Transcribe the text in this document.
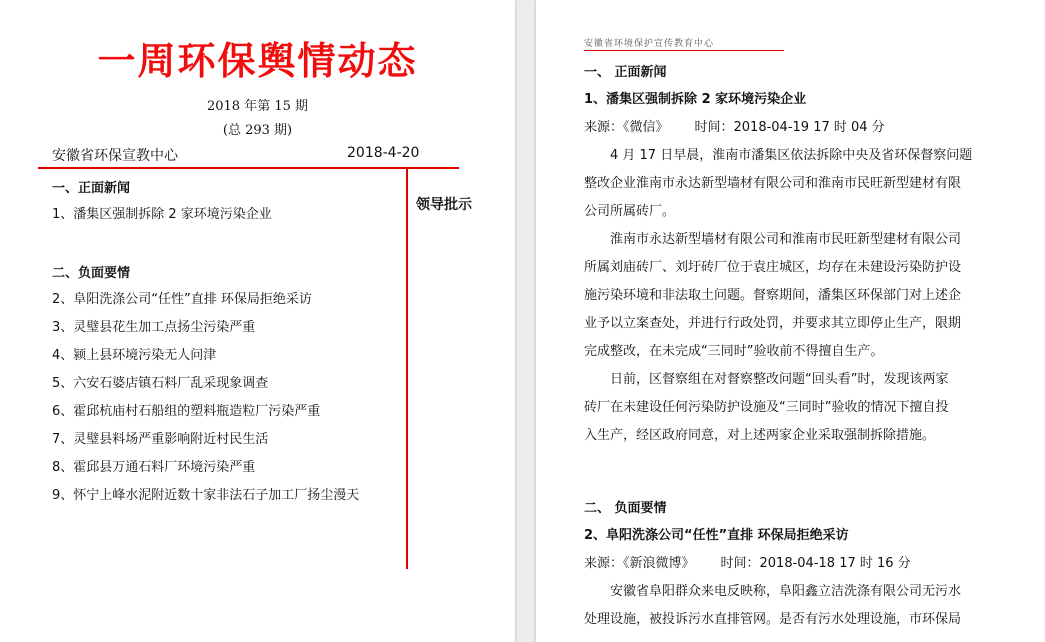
一周环保舆情动态
2018 年第 15 期
(总 293 期)
安徽省环保宣教中心	2018-4-20
领导批示
一、正面新闻
1、潘集区强制拆除 2 家环境污染企业
二、负面要情
2、阜阳洗涤公司“任性”直排 环保局拒绝采访
3、灵璧县花生加工点扬尘污染严重
4、颍上县环境污染无人问津
5、六安石婆店镇石料厂乱采现象调查
6、霍邱杭庙村石船组的塑料瓶造粒厂污染严重
7、灵璧县料场严重影响附近村民生活
8、霍邱县万通石料厂环境污染严重
9、怀宁上峰水泥附近数十家非法石子加工厂扬尘漫天
安徽省环境保护宣传教育中心
一、 正面新闻
1、潘集区强制拆除 2 家环境污染企业
来源：《微信》 时间：2018-04-19 17 时 04 分
4 月 17 日早晨，淮南市潘集区依法拆除中央及省环保督察问题
整改企业淮南市永达新型墙材有限公司和淮南市民旺新型建材有限
公司所属砖厂。
淮南市永达新型墙材有限公司和淮南市民旺新型建材有限公司
所属刘庙砖厂、刘圩砖厂位于袁庄城区，均存在未建设污染防护设
施污染环境和非法取土问题。督察期间，潘集区环保部门对上述企
业予以立案查处，并进行行政处罚，并要求其立即停止生产，限期
完成整改，在未完成“三同时”验收前不得擅自生产。
日前，区督察组在对督察整改问题“回头看”时，发现该两家
砖厂在未建设任何污染防护设施及“三同时”验收的情况下擅自投
入生产，经区政府同意，对上述两家企业采取强制拆除措施。
二、 负面要情
2、阜阳洗涤公司“任性”直排 环保局拒绝采访
来源：《新浪微博》 时间：2018-04-18 17 时 16 分
安徽省阜阳群众来电反映称，阜阳鑫立洁洗涤有限公司无污水
处理设施，被投诉污水直排管网。是否有污水处理设施，市环保局
